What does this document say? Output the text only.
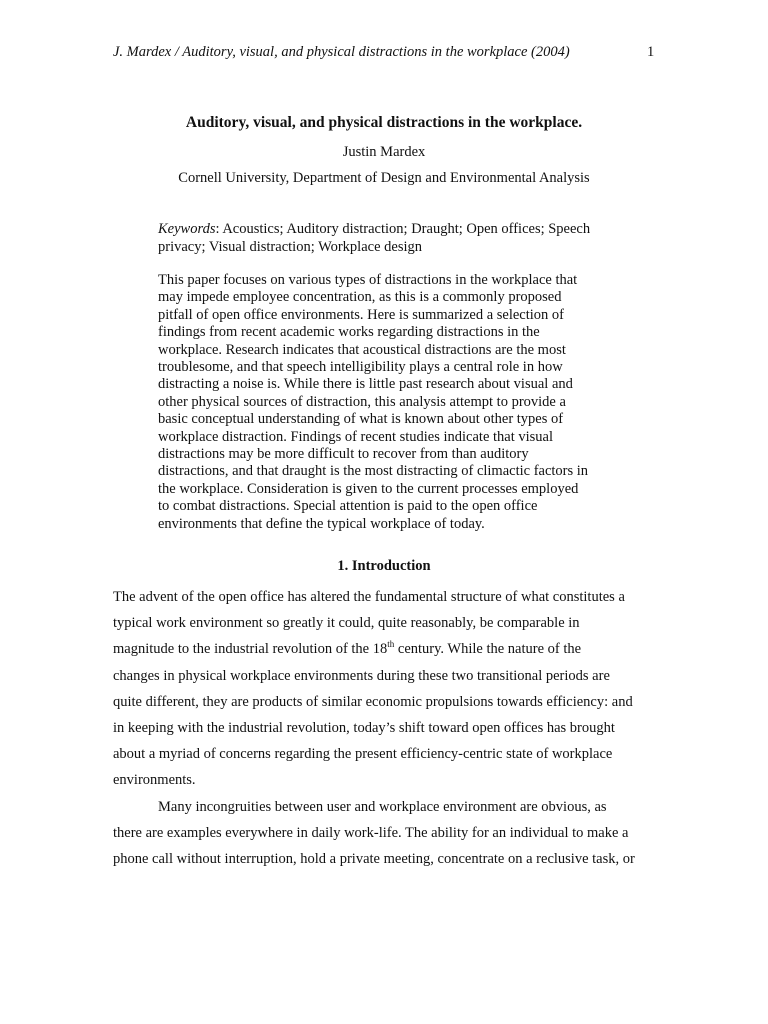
J. Mardex / Auditory, visual, and physical distractions in the workplace (2004)	1
Auditory, visual, and physical distractions in the workplace.
Justin Mardex
Cornell University, Department of Design and Environmental Analysis
Keywords: Acoustics; Auditory distraction; Draught; Open offices; Speech privacy; Visual distraction; Workplace design
This paper focuses on various types of distractions in the workplace that
may impede employee concentration, as this is a commonly proposed
pitfall of open office environments. Here is summarized a selection of
findings from recent academic works regarding distractions in the
workplace. Research indicates that acoustical distractions are the most
troublesome, and that speech intelligibility plays a central role in how
distracting a noise is. While there is little past research about visual and
other physical sources of distraction, this analysis attempt to provide a
basic conceptual understanding of what is known about other types of
workplace distraction. Findings of recent studies indicate that visual
distractions may be more difficult to recover from than auditory
distractions, and that draught is the most distracting of climactic factors in
the workplace. Consideration is given to the current processes employed
to combat distractions. Special attention is paid to the open office
environments that define the typical workplace of today.
1. Introduction
The advent of the open office has altered the fundamental structure of what constitutes a
typical work environment so greatly it could, quite reasonably, be comparable in
magnitude to the industrial revolution of the 18th century. While the nature of the
changes in physical workplace environments during these two transitional periods are
quite different, they are products of similar economic propulsions towards efficiency: and
in keeping with the industrial revolution, today’s shift toward open offices has brought
about a myriad of concerns regarding the present efficiency-centric state of workplace
environments.
Many incongruities between user and workplace environment are obvious, as
there are examples everywhere in daily work-life. The ability for an individual to make a
phone call without interruption, hold a private meeting, concentrate on a reclusive task, or
